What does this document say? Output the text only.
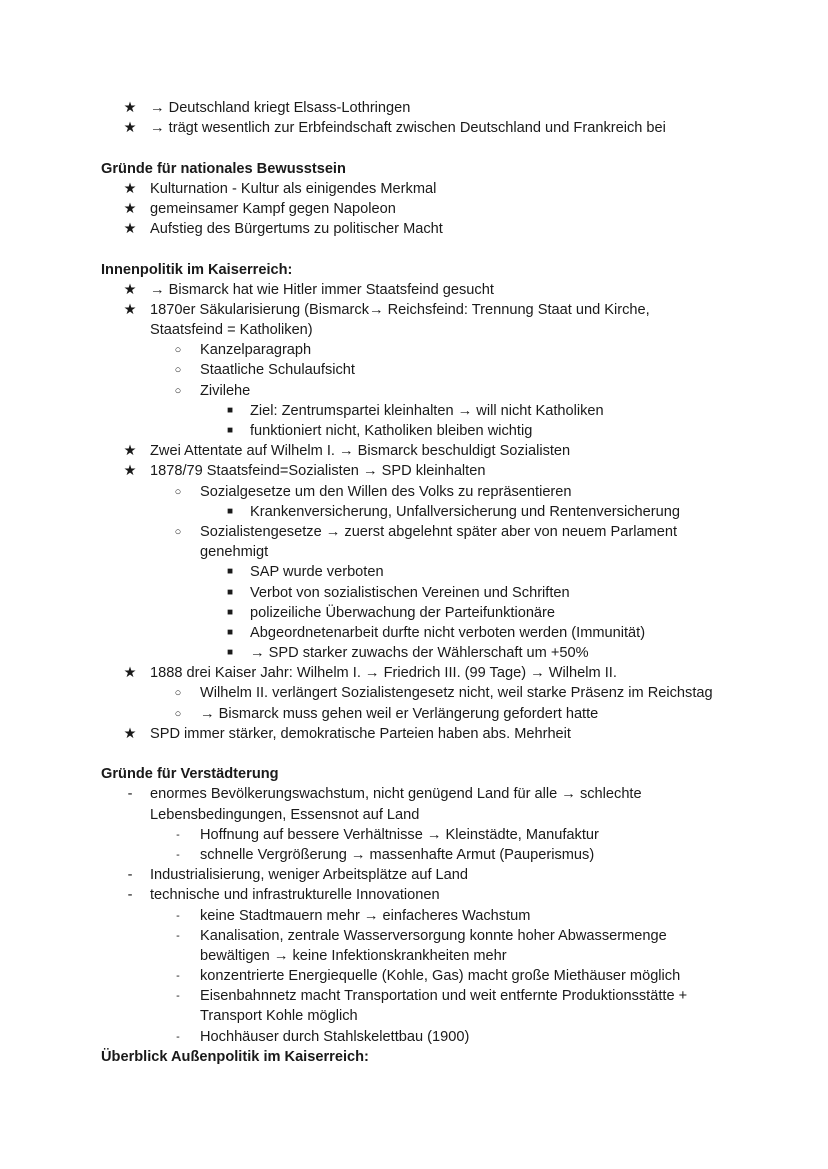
★ → Deutschland kriegt Elsass-Lothringen
★ → trägt wesentlich zur Erbfeindschaft zwischen Deutschland und Frankreich bei
Gründe für nationales Bewusstsein
★ Kulturnation - Kultur als einigendes Merkmal
★ gemeinsamer Kampf gegen Napoleon
★ Aufstieg des Bürgertums zu politischer Macht
Innenpolitik im Kaiserreich:
★ → Bismarck hat wie Hitler immer Staatsfeind gesucht
★ 1870er Säkularisierung (Bismarck→ Reichsfeind: Trennung Staat und Kirche,
Staatsfeind = Katholiken)
○	Kanzelparagraph
○	Staatliche Schulaufsicht
○	Zivilehe
■	Ziel: Zentrumspartei kleinhalten → will nicht Katholiken
■	funktioniert nicht, Katholiken bleiben wichtig
★ Zwei Attentate auf Wilhelm I. → Bismarck beschuldigt Sozialisten
★ 1878/79 Staatsfeind=Sozialisten → SPD kleinhalten
○	Sozialgesetze um den Willen des Volks zu repräsentieren
■	Krankenversicherung, Unfallversicherung und Rentenversicherung
○	Sozialistengesetze → zuerst abgelehnt später aber von neuem Parlament
genehmigt
■	SAP wurde verboten
■	Verbot von sozialistischen Vereinen und Schriften
■	polizeiliche Überwachung der Parteifunktionäre
■	Abgeordnetenarbeit durfte nicht verboten werden (Immunität)
■	→ SPD starker zuwachs der Wählerschaft um +50%
★ 1888 drei Kaiser Jahr: Wilhelm I. → Friedrich III. (99 Tage) → Wilhelm II.
○	Wilhelm II. verlängert Sozialistengesetz nicht, weil starke Präsenz im Reichstag
○	→ Bismarck muss gehen weil er Verlängerung gefordert hatte
★ SPD immer stärker, demokratische Parteien haben abs. Mehrheit
Gründe für Verstädterung
-	enormes Bevölkerungswachstum, nicht genügend Land für alle → schlechte
Lebensbedingungen, Essensnot auf Land
-	Hoffnung auf bessere Verhältnisse → Kleinstädte, Manufaktur
-	schnelle Vergrößerung → massenhafte Armut (Pauperismus)
-	Industrialisierung, weniger Arbeitsplätze auf Land
-	technische und infrastrukturelle Innovationen
-	keine Stadtmauern mehr → einfacheres Wachstum
-	Kanalisation, zentrale Wasserversorgung konnte hoher Abwassermenge
bewältigen → keine Infektionskrankheiten mehr
-	konzentrierte Energiequelle (Kohle, Gas) macht große Miethäuser möglich
-	Eisenbahnnetz macht Transportation und weit entfernte Produktionsstätte +
Transport Kohle möglich
-	Hochhäuser durch Stahlskelettbau (1900)
Überblick Außenpolitik im Kaiserreich:
